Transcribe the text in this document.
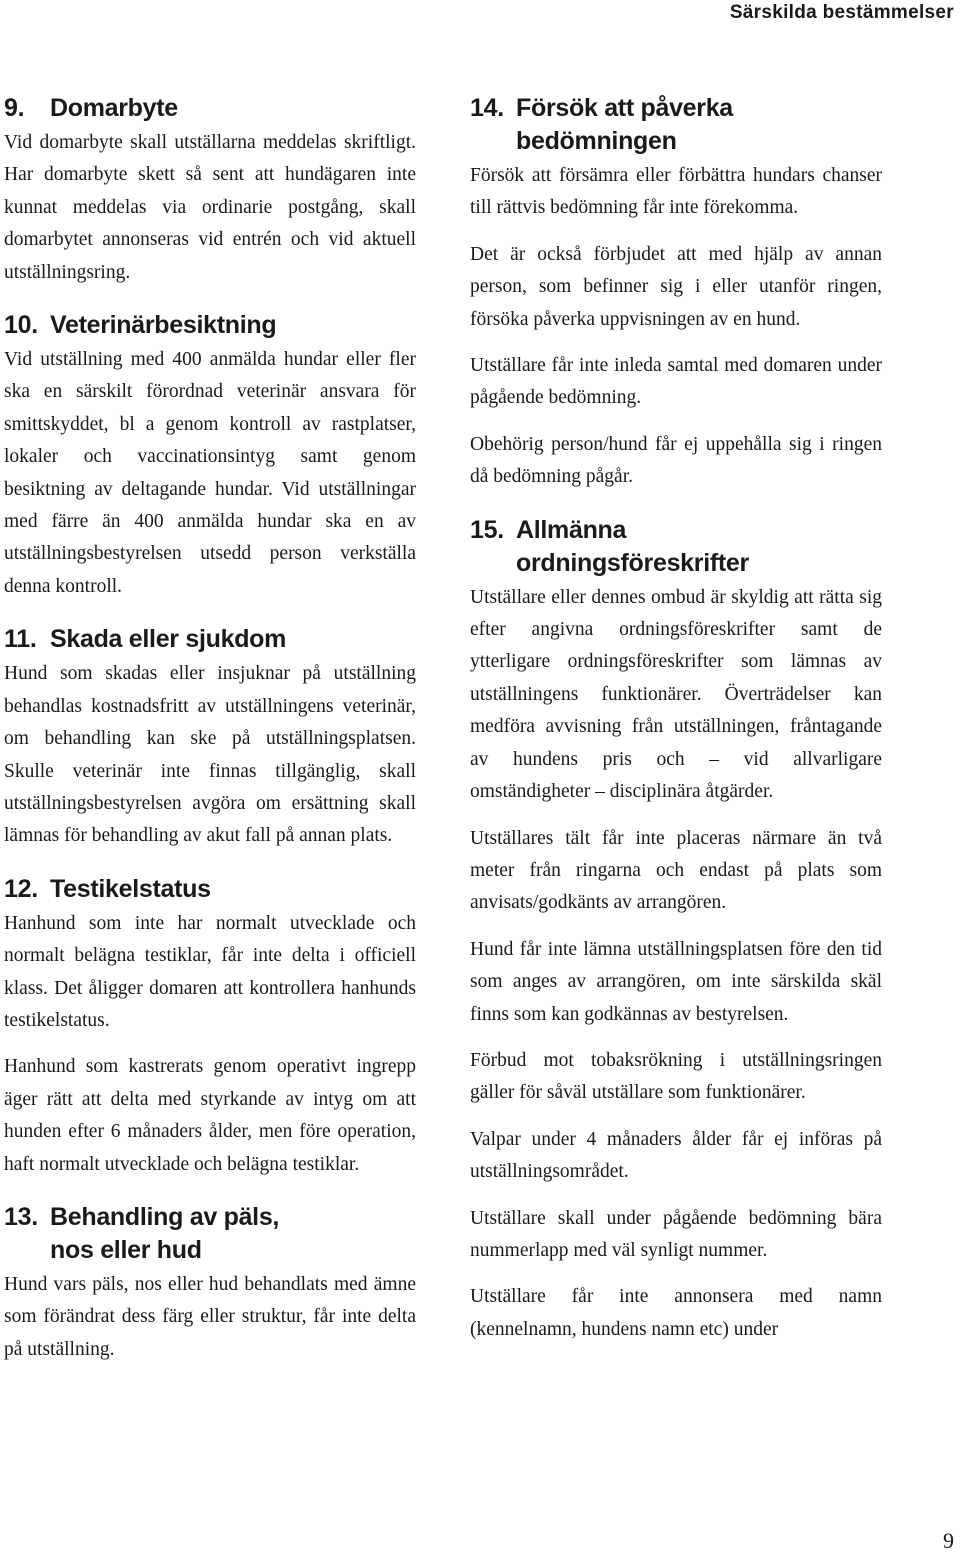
Särskilda bestämmelser
9. Domarbyte

Vid domarbyte skall utställarna meddelas skriftligt. Har domarbyte skett så sent att hundägaren inte kunnat meddelas via ordinarie postgång, skall domarbytet annonseras vid entrén och vid aktuell utställningsring.

10. Veterinärbesiktning

Vid utställning med 400 anmälda hundar eller fler ska en särskilt förordnad veterinär ansvara för smittskyddet, bl a genom kontroll av rastplatser, lokaler och vaccinationsintyg samt genom besiktning av deltagande hundar. Vid utställningar med färre än 400 anmälda hundar ska en av utställningsbestyrelsen utsedd person verkställa denna kontroll.

11. Skada eller sjukdom

Hund som skadas eller insjuknar på utställning behandlas kostnadsfritt av utställningens veterinär, om behandling kan ske på utställningsplatsen. Skulle veterinär inte finnas tillgänglig, skall utställningsbestyrelsen avgöra om ersättning skall lämnas för behandling av akut fall på annan plats.

12. Testikelstatus

Hanhund som inte har normalt utvecklade och normalt belägna testiklar, får inte delta i officiell klass. Det åligger domaren att kontrollera hanhunds testikelstatus.

Hanhund som kastrerats genom operativt ingrepp äger rätt att delta med styrkande av intyg om att hunden efter 6 månaders ålder, men före operation, haft normalt utvecklade och belägna testiklar.

13. Behandling av päls,
nos eller hud

Hund vars päls, nos eller hud behandlats med ämne som förändrat dess färg eller struktur, får inte delta på utställning.

14. Försök att påverka
bedömningen

Försök att försämra eller förbättra hundars chanser till rättvis bedömning får inte förekomma.

Det är också förbjudet att med hjälp av annan person, som befinner sig i eller utanför ringen, försöka påverka uppvisningen av en hund.

Utställare får inte inleda samtal med domaren under pågående bedömning.

Obehörig person/hund får ej uppehålla sig i ringen då bedömning pågår.

15. Allmänna
ordningsföreskrifter

Utställare eller dennes ombud är skyldig att rätta sig efter angivna ordningsföreskrifter samt de ytterligare ordningsföreskrifter som lämnas av utställningens funktionärer. Överträdelser kan medföra avvisning från utställningen, fråntagande av hundens pris och – vid allvarligare omständigheter – disciplinära åtgärder.

Utställares tält får inte placeras närmare än två meter från ringarna och endast på plats som anvisats/godkänts av arrangören.

Hund får inte lämna utställningsplatsen före den tid som anges av arrangören, om inte särskilda skäl finns som kan godkännas av bestyrelsen.

Förbud mot tobaksrökning i utställningsringen gäller för såväl utställare som funktionärer.

Valpar under 4 månaders ålder får ej införas på utställningsområdet.

Utställare skall under pågående bedömning bära nummerlapp med väl synligt nummer.

Utställare får inte annonsera med namn (kennelnamn, hundens namn etc) under

9
